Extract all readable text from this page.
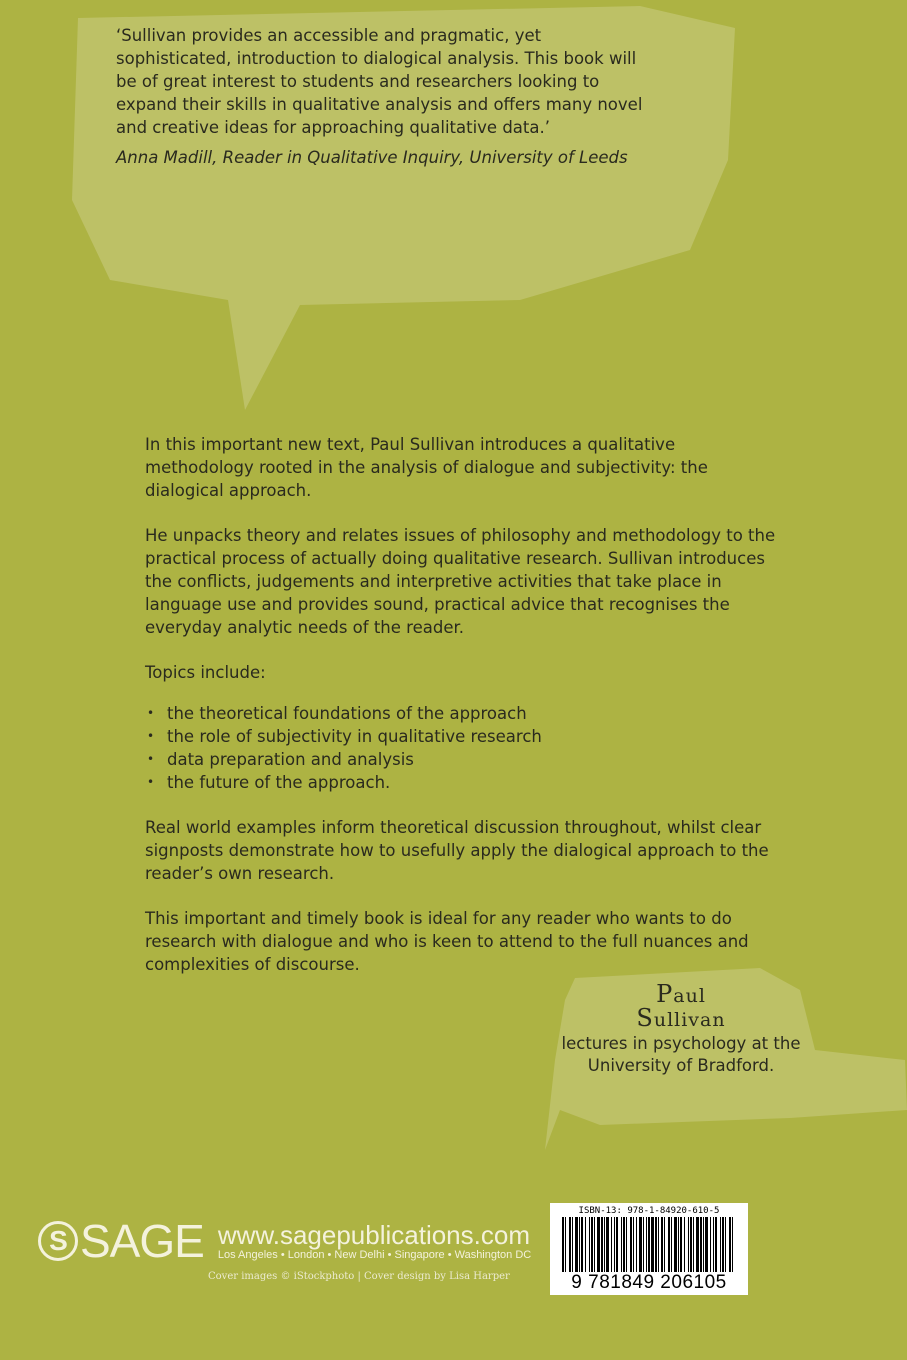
‘Sullivan provides an accessible and pragmatic, yet sophisticated, introduction to dialogical analysis. This book will be of great interest to students and researchers looking to expand their skills in qualitative analysis and offers many novel and creative ideas for approaching qualitative data.’

Anna Madill, Reader in Qualitative Inquiry, University of Leeds

In this important new text, Paul Sullivan introduces a qualitative methodology rooted in the analysis of dialogue and subjectivity: the dialogical approach.

He unpacks theory and relates issues of philosophy and methodology to the practical process of actually doing qualitative research. Sullivan introduces the conflicts, judgements and interpretive activities that take place in language use and provides sound, practical advice that recognises the everyday analytic needs of the reader.

Topics include:

• the theoretical foundations of the approach
• the role of subjectivity in qualitative research
• data preparation and analysis
• the future of the approach.

Real world examples inform theoretical discussion throughout, whilst clear signposts demonstrate how to usefully apply the dialogical approach to the reader’s own research.

This important and timely book is ideal for any reader who wants to do research with dialogue and who is keen to attend to the full nuances and complexities of discourse.

Paul
Sullivan
lectures in psychology at the
University of Bradford.
S SAGE www.sagepublications.com
Los Angeles • London • New Delhi • Singapore • Washington DC
Cover images © iStockphoto | Cover design by Lisa Harper
ISBN-13: 978-1-84920-610-5
9 781849 206105
